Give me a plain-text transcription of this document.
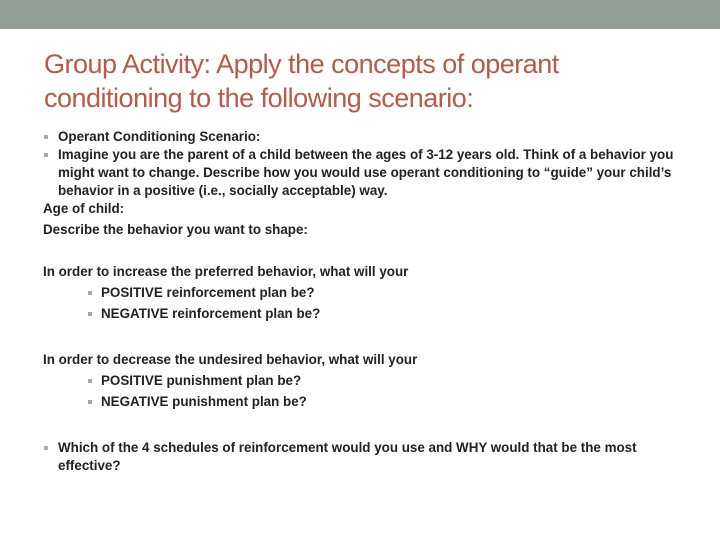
Group Activity: Apply the concepts of operant conditioning to the following scenario:
Operant Conditioning Scenario:
Imagine you are the parent of a child between the ages of 3-12 years old. Think of a behavior you might want to change. Describe how you would use operant conditioning to “guide” your child’s behavior in a positive (i.e., socially acceptable) way.
Age of child:
Describe the behavior you want to shape:
In order to increase the preferred behavior, what will your
POSITIVE reinforcement plan be?
NEGATIVE reinforcement plan be?
In order to decrease the undesired behavior, what will your
POSITIVE punishment plan be?
NEGATIVE punishment plan be?
Which of the 4 schedules of reinforcement would you use and WHY would that be the most effective?
